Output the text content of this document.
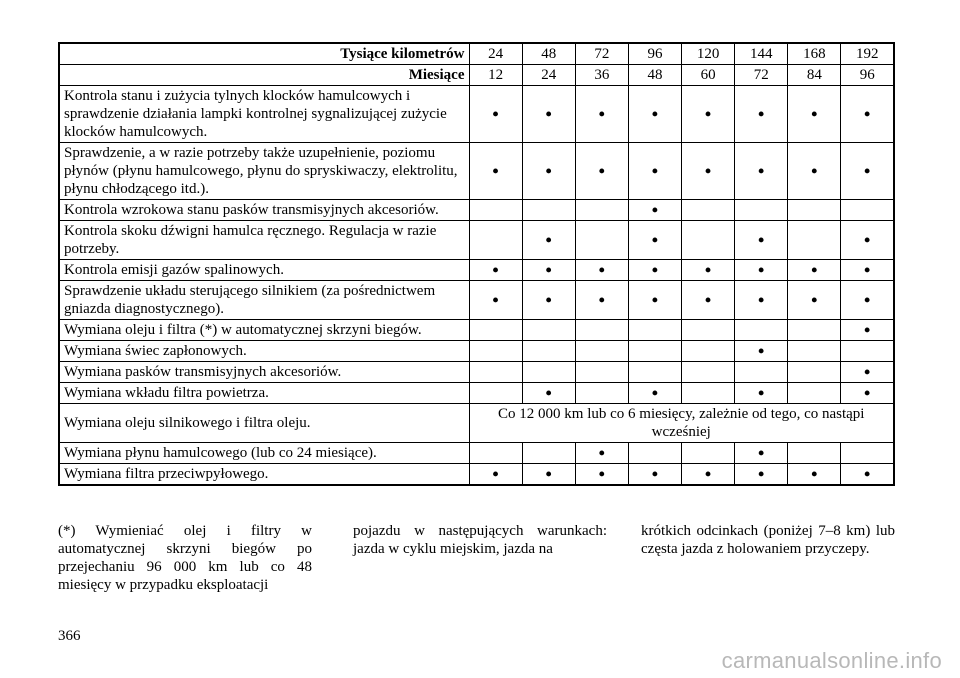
Tysiące kilometrów	24	48	72	96	120	144	168	192
Miesiące	12	24	36	48	60	72	84	96
Kontrola stanu i zużycia tylnych klocków hamulcowych i sprawdzenie działania lampki kontrolnej sygnalizującej zużycie klocków hamulcowych.	•	•	•	•	•	•	•	•
Sprawdzenie, a w razie potrzeby także uzupełnienie, poziomu płynów (płynu hamulcowego, płynu do spryskiwaczy, elektrolitu, płynu chłodzącego itd.).	•	•	•	•	•	•	•	•
Kontrola wzrokowa stanu pasków transmisyjnych akcesoriów.				•				
Kontrola skoku dźwigni hamulca ręcznego. Regulacja w razie potrzeby.		•		•		•		•
Kontrola emisji gazów spalinowych.	•	•	•	•	•	•	•	•
Sprawdzenie układu sterującego silnikiem (za pośrednictwem gniazda diagnostycznego).	•	•	•	•	•	•	•	•
Wymiana oleju i filtra (*) w automatycznej skrzyni biegów.								•
Wymiana świec zapłonowych.						•		
Wymiana pasków transmisyjnych akcesoriów.								•
Wymiana wkładu filtra powietrza.		•		•		•		•
Wymiana oleju silnikowego i filtra oleju.	Co 12 000 km lub co 6 miesięcy, zależnie od tego, co nastąpi wcześniej							
Wymiana płynu hamulcowego (lub co 24 miesiące).			•			•		
Wymiana filtra przeciwpyłowego.	•	•	•	•	•	•	•	•
(*) Wymieniać olej i filtry w automatycznej skrzyni biegów po przejechaniu 96 000 km lub co 48 miesięcy w przypadku eksploatacji
pojazdu w następujących warunkach: jazda w cyklu miejskim, jazda na
krótkich odcinkach (poniżej 7–8 km) lub częsta jazda z holowaniem przyczepy.
366
carmanualsonline.info
